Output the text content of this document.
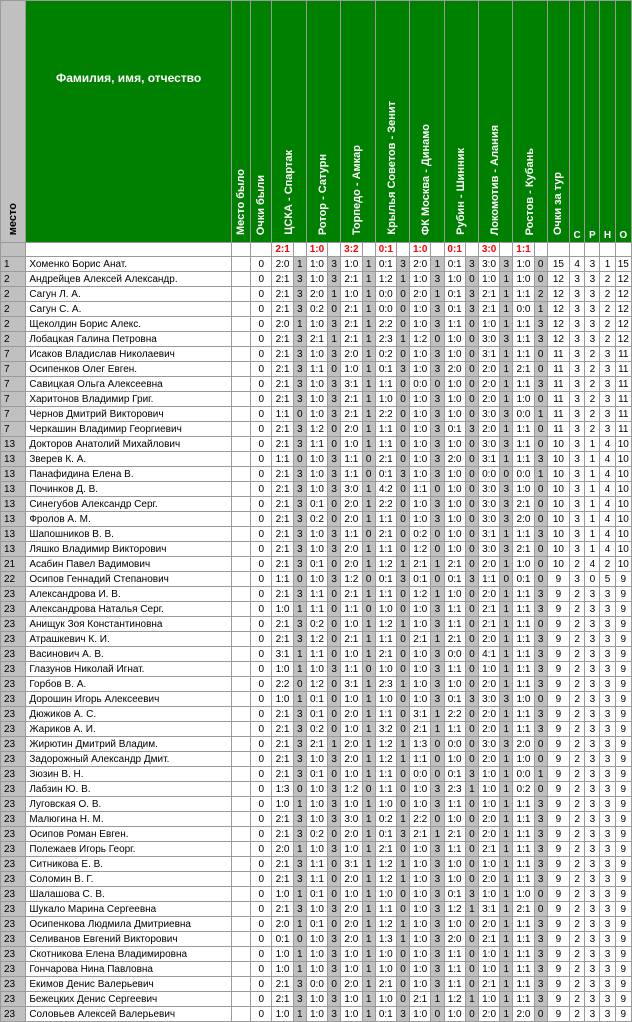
место	Фамилия, имя, отчество	Место было	Очки были	ЦСКА - Спартак		Ротор - Сатурн		Торпедо - Амкар		Крылья Советов - Зенит		ФК Москва - Динамо		Рубин - Шинник		Локомотив - Алания		Ростов - Кубань		Очки за тур	С	Р	Н	О
				2:1		1:0		3:2		0:1		1:0		0:1		3:0		1:1						
1	Хоменко Борис Анат.		0	2:0	1	1:0	3	1:0	1	0:1	3	2:0	1	0:1	3	3:0	3	1:0	0	15	4	3	1	15
2	Андрейцев Алексей Александр.		0	2:1	3	1:0	3	2:1	1	1:2	1	1:0	3	1:0	0	1:0	1	1:0	0	12	3	3	2	12
2	Сагун Л. А.		0	2:1	3	2:0	1	1:0	1	0:0	0	2:0	1	0:1	3	2:1	1	1:1	2	12	3	3	2	12
2	Сагун С. А.		0	2:1	3	0:2	0	2:1	1	0:0	0	1:0	3	0:1	3	2:1	1	0:0	1	12	3	3	2	12
2	Щеколдин Борис Алекс.		0	2:0	1	1:0	3	2:1	1	2:2	0	1:0	3	1:1	0	1:0	1	1:1	3	12	3	3	2	12
2	Лобацкая Галина Петровна		0	2:1	3	2:1	1	2:1	1	2:3	1	1:2	0	1:0	0	3:0	3	1:1	3	12	3	3	2	12
7	Исаков Владислав Николаевич		0	2:1	3	1:0	3	2:0	1	0:2	0	1:0	3	1:0	0	3:1	1	1:1	0	11	3	2	3	11
7	Осипенков Олег Евген.		0	2:1	3	1:1	0	1:0	1	0:1	3	1:0	3	2:0	0	2:0	1	2:1	0	11	3	2	3	11
7	Савицкая Ольга Алексеевна		0	2:1	3	1:0	3	3:1	1	1:1	0	0:0	0	1:0	0	2:0	1	1:1	3	11	3	2	3	11
7	Харитонов Владимир Григ.		0	2:1	3	1:0	3	2:1	1	1:0	0	1:0	3	1:0	0	2:0	1	1:0	0	11	3	2	3	11
7	Чернов Дмитрий Викторович		0	1:1	0	1:0	3	2:1	1	2:2	0	1:0	3	1:0	0	3:0	3	0:0	1	11	3	2	3	11
7	Черкашин Владимир Георгиевич		0	2:1	3	1:2	0	2:0	1	1:1	0	1:0	3	0:1	3	2:0	1	1:1	0	11	3	2	3	11
13	Докторов Анатолий Михайлович		0	2:1	3	1:1	0	1:0	1	1:1	0	1:0	3	1:0	0	3:0	3	1:1	0	10	3	1	4	10
13	Зверев К. А.		0	1:1	0	1:0	3	1:1	0	2:1	0	1:0	3	2:0	0	3:1	1	1:1	3	10	3	1	4	10
13	Панафидина Елена В.		0	2:1	3	1:0	3	1:1	0	0:1	3	1:0	3	1:0	0	0:0	0	0:0	1	10	3	1	4	10
13	Починков Д. В.		0	2:1	3	1:0	3	3:0	1	4:2	0	1:1	0	1:0	0	3:0	3	1:0	0	10	3	1	4	10
13	Синегубов Александр Серг.		0	2:1	3	0:1	0	2:0	1	2:2	0	1:0	3	1:0	0	3:0	3	2:1	0	10	3	1	4	10
13	Фролов А. М.		0	2:1	3	0:2	0	2:0	1	1:1	0	1:0	3	1:0	0	3:0	3	2:0	0	10	3	1	4	10
13	Шапошников В. В.		0	2:1	3	1:0	3	1:1	0	2:1	0	0:2	0	1:0	0	3:1	1	1:1	3	10	3	1	4	10
13	Ляшко Владимир Викторович		0	2:1	3	1:0	3	2:0	1	1:1	0	1:2	0	1:0	0	3:0	3	2:1	0	10	3	1	4	10
21	Асабин Павел Вадимович		0	2:1	3	0:1	0	2:0	1	1:2	1	2:1	1	2:1	0	2:0	1	1:0	0	10	2	4	2	10
22	Осипов Геннадий Степанович		0	1:1	0	1:0	3	1:2	0	0:1	3	0:1	0	0:1	3	1:1	0	0:1	0	9	3	0	5	9
23	Александрова И. В.		0	2:1	3	1:1	0	2:1	1	1:1	0	1:2	1	1:0	0	2:0	1	1:1	3	9	2	3	3	9
23	Александрова Наталья Серг.		0	1:0	1	1:1	0	1:1	0	1:0	0	1:0	3	1:1	0	2:1	1	1:1	3	9	2	3	3	9
23	Анищук Зоя Константиновна		0	2:1	3	0:2	0	1:0	1	1:2	1	1:0	3	1:1	0	2:1	1	1:1	0	9	2	3	3	9
23	Атрашкевич К. И.		0	2:1	3	1:2	0	2:1	1	1:1	0	2:1	1	2:1	0	2:0	1	1:1	3	9	2	3	3	9
23	Васинович А. В.		0	3:1	1	1:1	0	1:0	1	2:1	0	1:0	3	0:0	0	4:1	1	1:1	3	9	2	3	3	9
23	Глазунов Николай Игнат.		0	1:0	1	1:0	3	1:1	0	1:0	0	1:0	3	1:1	0	1:0	1	1:1	3	9	2	3	3	9
23	Горбов В. А.		0	2:2	0	1:2	0	3:1	1	2:3	1	1:0	3	1:0	0	2:0	1	1:1	3	9	2	3	3	9
23	Дорошин Игорь Алексеевич		0	1:0	1	0:1	0	1:0	1	1:0	0	1:0	3	0:1	3	3:0	3	1:0	0	9	2	3	3	9
23	Дюжиков А. С.		0	2:1	3	0:1	0	2:0	1	1:1	0	3:1	1	2:2	0	2:0	1	1:1	3	9	2	3	3	9
23	Жариков А. И.		0	2:1	3	0:2	0	1:0	1	3:2	0	2:1	1	1:1	0	2:0	1	1:1	3	9	2	3	3	9
23	Жирютин Дмитрий Владим.		0	2:1	3	2:1	1	2:0	1	1:2	1	1:3	0	0:0	0	3:0	3	2:0	0	9	2	3	3	9
23	Задорожный Александр Дмит.		0	2:1	3	1:0	3	2:0	1	1:2	1	1:1	0	1:0	0	2:0	1	1:0	0	9	2	3	3	9
23	Зюзин В. Н.		0	2:1	3	0:1	0	1:0	1	1:1	0	0:0	0	0:1	3	1:0	1	0:0	1	9	2	3	3	9
23	Лабзин Ю. В.		0	1:3	0	1:0	3	1:2	0	1:1	0	1:0	3	2:3	1	1:0	1	0:2	0	9	2	3	3	9
23	Луговская О. В.		0	1:0	1	1:0	3	1:0	1	1:0	0	1:0	3	1:1	0	1:0	1	1:1	3	9	2	3	3	9
23	Малюгина Н. М.		0	2:1	3	1:0	3	3:0	1	0:2	1	2:2	0	1:0	0	2:0	1	1:1	3	9	2	3	3	9
23	Осипов Роман Евген.		0	2:1	3	0:2	0	2:0	1	0:1	3	2:1	1	2:1	0	2:0	1	1:1	3	9	2	3	3	9
23	Полежаев Игорь Георг.		0	2:0	1	1:0	3	1:0	1	2:1	0	1:0	3	1:1	0	2:1	1	1:1	3	9	2	3	3	9
23	Ситникова Е. В.		0	2:1	3	1:1	0	3:1	1	1:2	1	1:0	3	1:0	0	1:0	1	1:1	3	9	2	3	3	9
23	Соломин В. Г.		0	2:1	3	1:1	0	2:0	1	1:2	1	1:0	3	1:0	0	2:0	1	1:1	3	9	2	3	3	9
23	Шалашова С. В.		0	1:0	1	0:1	0	1:0	1	1:0	0	1:0	3	0:1	3	1:0	1	1:0	0	9	2	3	3	9
23	Шукало Марина Сергеевна		0	2:1	3	1:0	3	2:0	1	1:1	0	1:0	3	1:2	1	3:1	1	2:1	0	9	2	3	3	9
23	Осипенкова Людмила Дмитриевна		0	2:0	1	0:1	0	2:0	1	1:2	1	1:0	3	1:0	0	2:0	1	1:1	3	9	2	3	3	9
23	Селиванов Евгений Викторович		0	0:1	0	1:0	3	2:0	1	1:3	1	1:0	3	2:0	0	2:1	1	1:1	3	9	2	3	3	9
23	Скотникова Елена Владимировна		0	1:0	1	1:0	3	1:0	1	1:0	0	1:0	3	1:1	0	1:0	1	1:1	3	9	2	3	3	9
23	Гончарова Нина Павловна		0	1:0	1	1:0	3	1:0	1	1:0	0	1:0	3	1:1	0	1:0	1	1:1	3	9	2	3	3	9
23	Екимов Денис Валерьевич		0	2:1	3	0:0	0	2:0	1	2:1	0	1:0	3	1:1	0	2:1	1	1:1	3	9	2	3	3	9
23	Бежецких Денис Сергеевич		0	2:1	3	1:0	3	1:0	1	1:0	0	2:1	1	1:2	1	1:0	1	1:1	3	9	2	3	3	9
23	Соловьев Алексей Валерьевич		0	1:0	1	1:0	3	1:0	1	0:1	3	1:0	0	1:0	0	2:0	1	2:0	0	9	2	3	3	9
